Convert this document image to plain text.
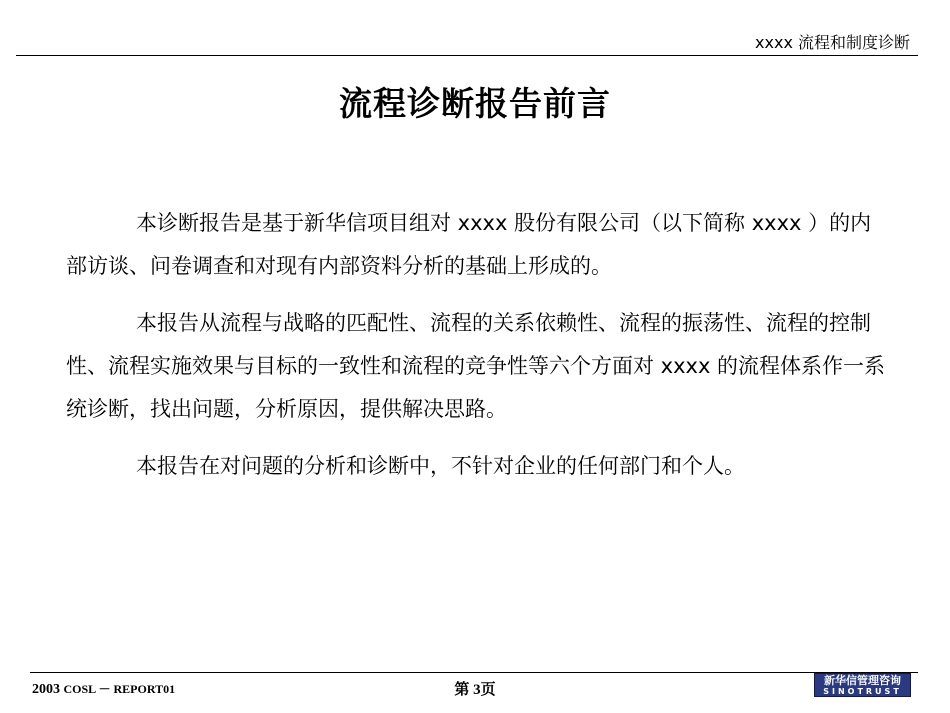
xxxx 流程和制度诊断
流程诊断报告前言

本诊断报告是基于新华信项目组对 xxxx 股份有限公司（以下简称 xxxx ）的内部访谈、问卷调查和对现有内部资料分析的基础上形成的。

本报告从流程与战略的匹配性、流程的关系依赖性、流程的振荡性、流程的控制性、流程实施效果与目标的一致性和流程的竞争性等六个方面对 xxxx 的流程体系作一系统诊断，找出问题，分析原因，提供解决思路。

本报告在对问题的分析和诊断中，不针对企业的任何部门和个人。

2003 COSL － REPORT01	第 3页
新华信管理咨询
SINOTRUST
